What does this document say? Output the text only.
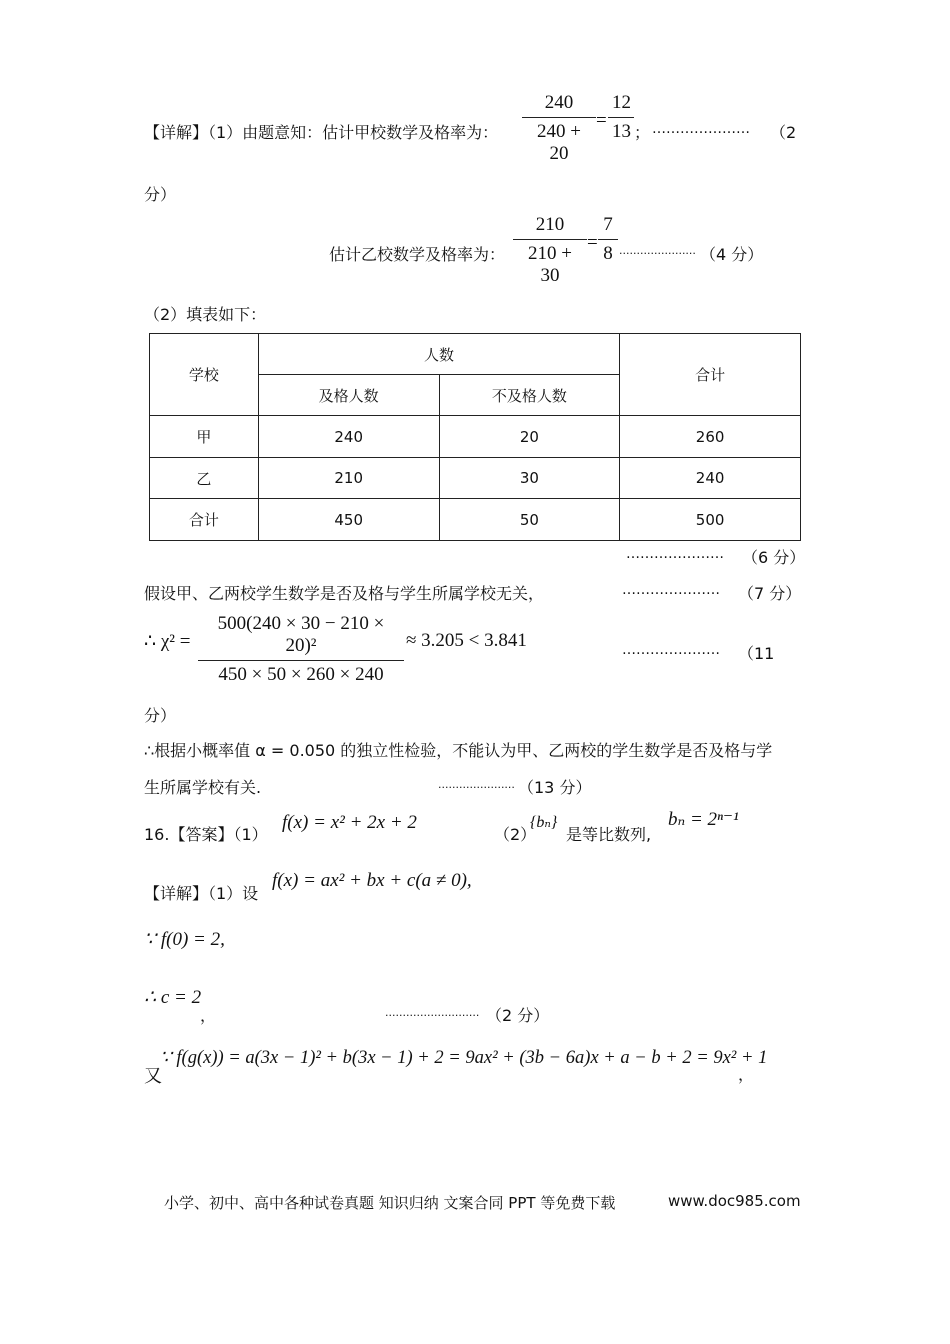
【详解】（1）由题意知：估计甲校数学及格率为： $\frac{240}{240 + 20} = \frac{12}{13}$ ； ………………… （2
分）
估计乙校数学及格率为： $\frac{210}{210 + 30} = \frac{7}{8}$ ...................... （4 分）
（2）填表如下：
学校	人数		合计
	及格人数	不及格人数	
甲	240	20	260
乙	210	30	240
合计	450	50	500
………………… （6 分）
假设甲、乙两校学生数学是否及格与学生所属学校无关，	………………… （7 分）
∴ $\chi^2 = \frac{\text{500(240 × 30 − 210 × 20)²}}{450 \times 50 \times 260 \times 240} \approx 3.205 < 3.841$	………………… （11
分）
∴根据小概率值 α = 0.050 的独立性检验，不能认为甲、乙两校的学生数学是否及格与学
生所属学校有关.	...................... （13 分）
16.【答案】（1）
f(x) = x² + 2x + 2
（2）
{bₙ}
是等比数列,
bₙ = 2ⁿ⁻¹
【详解】（1）设
f(x) = ax² + bx + c(a ≠ 0),
∵ f(0) = 2,
∴ c = 2
，	........................... （2 分）
又
∵ f(g(x)) = a(3x − 1)² + b(3x − 1) + 2 = 9ax² + (3b − 6a)x + a − b + 2 = 9x² + 1
，
小学、初中、高中各种试卷真题 知识归纳 文案合同 PPT 等免费下载	www.doc985.com
